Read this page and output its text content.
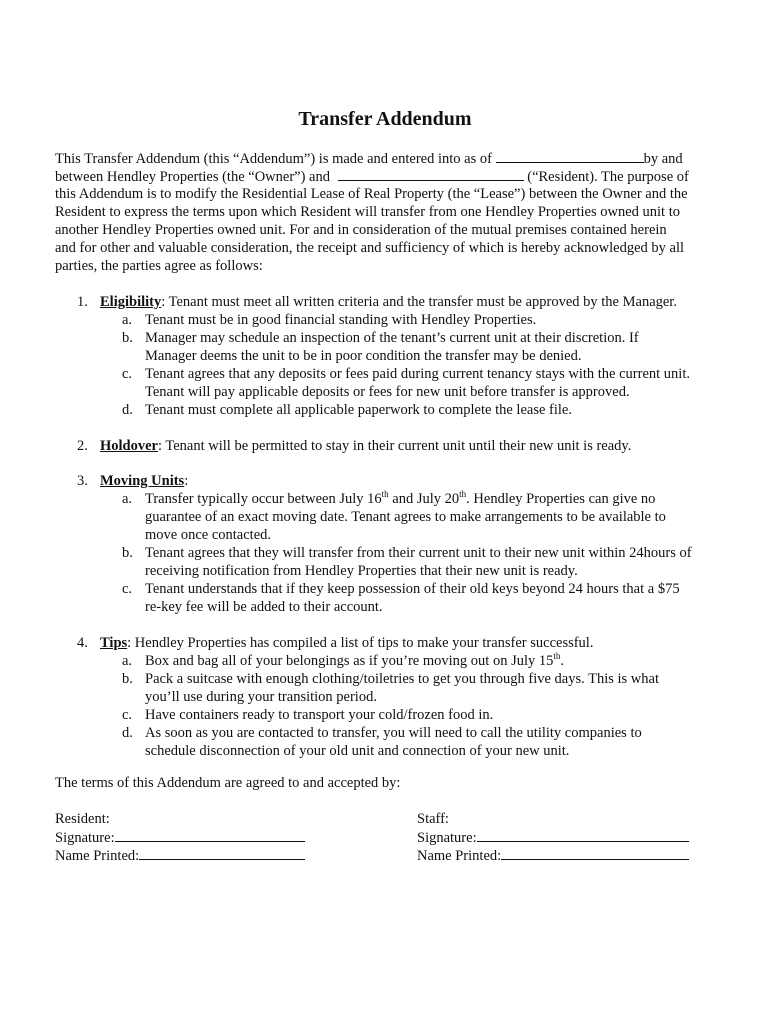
Transfer Addendum
This Transfer Addendum (this “Addendum”) is made and entered into as of	by and
between Hendley Properties (the “Owner”) and	(“Resident). The purpose of
this Addendum is to modify the Residential Lease of Real Property (the “Lease”) between the Owner and the
Resident to express the terms upon which Resident will transfer from one Hendley Properties owned unit to
another Hendley Properties owned unit. For and in consideration of the mutual premises contained herein
and for other and valuable consideration, the receipt and sufficiency of which is hereby acknowledged by all
parties, the parties agree as follows:
1. Eligibility: Tenant must meet all written criteria and the transfer must be approved by the Manager.
a. Tenant must be in good financial standing with Hendley Properties.
b. Manager may schedule an inspection of the tenant’s current unit at their discretion. If
Manager deems the unit to be in poor condition the transfer may be denied.
c. Tenant agrees that any deposits or fees paid during current tenancy stays with the current unit.
Tenant will pay applicable deposits or fees for new unit before transfer is approved.
d. Tenant must complete all applicable paperwork to complete the lease file.
2. Holdover: Tenant will be permitted to stay in their current unit until their new unit is ready.
3. Moving Units:
a. Transfer typically occur between July 16th and July 20th. Hendley Properties can give no
guarantee of an exact moving date. Tenant agrees to make arrangements to be available to
move once contacted.
b. Tenant agrees that they will transfer from their current unit to their new unit within 24hours of
receiving notification from Hendley Properties that their new unit is ready.
c. Tenant understands that if they keep possession of their old keys beyond 24 hours that a $75
re-key fee will be added to their account.
4. Tips: Hendley Properties has compiled a list of tips to make your transfer successful.
a. Box and bag all of your belongings as if you’re moving out on July 15th.
b. Pack a suitcase with enough clothing/toiletries to get you through five days. This is what
you’ll use during your transition period.
c. Have containers ready to transport your cold/frozen food in.
d. As soon as you are contacted to transfer, you will need to call the utility companies to
schedule disconnection of your old unit and connection of your new unit.
The terms of this Addendum are agreed to and accepted by:
Resident:
Signature:
Name Printed:
Staff:
Signature:
Name Printed:
